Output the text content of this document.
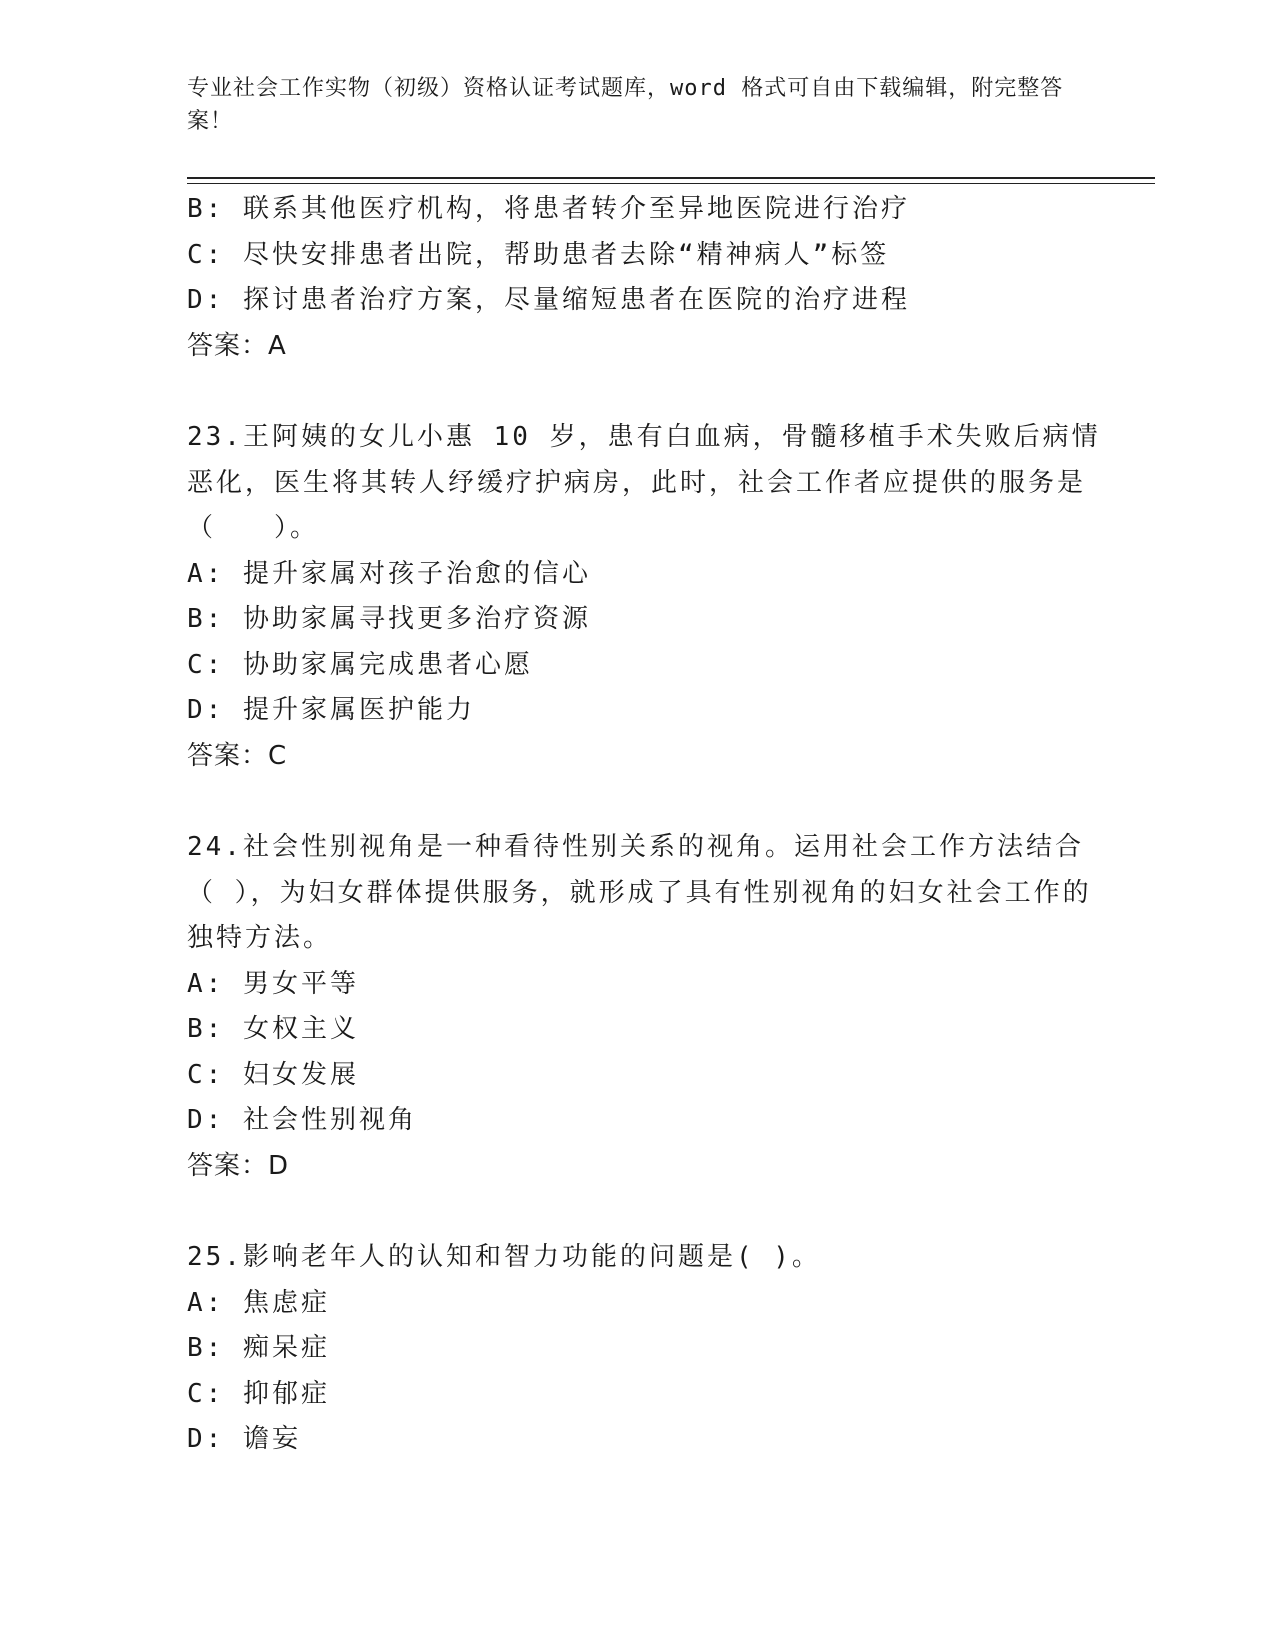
专业社会工作实物（初级）资格认证考试题库，word 格式可自由下载编辑，附完整答案！
B: 联系其他医疗机构，将患者转介至异地医院进行治疗
C: 尽快安排患者出院，帮助患者去除“精神病人”标签
D: 探讨患者治疗方案，尽量缩短患者在医院的治疗进程
答案：A
23.王阿姨的女儿小惠 10 岁，患有白血病，骨髓移植手术失败后病情恶化，医生将其转人纾缓疗护病房，此时，社会工作者应提供的服务是（　　）。
A: 提升家属对孩子治愈的信心
B: 协助家属寻找更多治疗资源
C: 协助家属完成患者心愿
D: 提升家属医护能力
答案：C
24.社会性别视角是一种看待性别关系的视角。运用社会工作方法结合（ ），为妇女群体提供服务，就形成了具有性别视角的妇女社会工作的独特方法。
A: 男女平等
B: 女权主义
C: 妇女发展
D: 社会性别视角
答案：D
25.影响老年人的认知和智力功能的问题是( )。
A: 焦虑症
B: 痴呆症
C: 抑郁症
D: 谵妄
